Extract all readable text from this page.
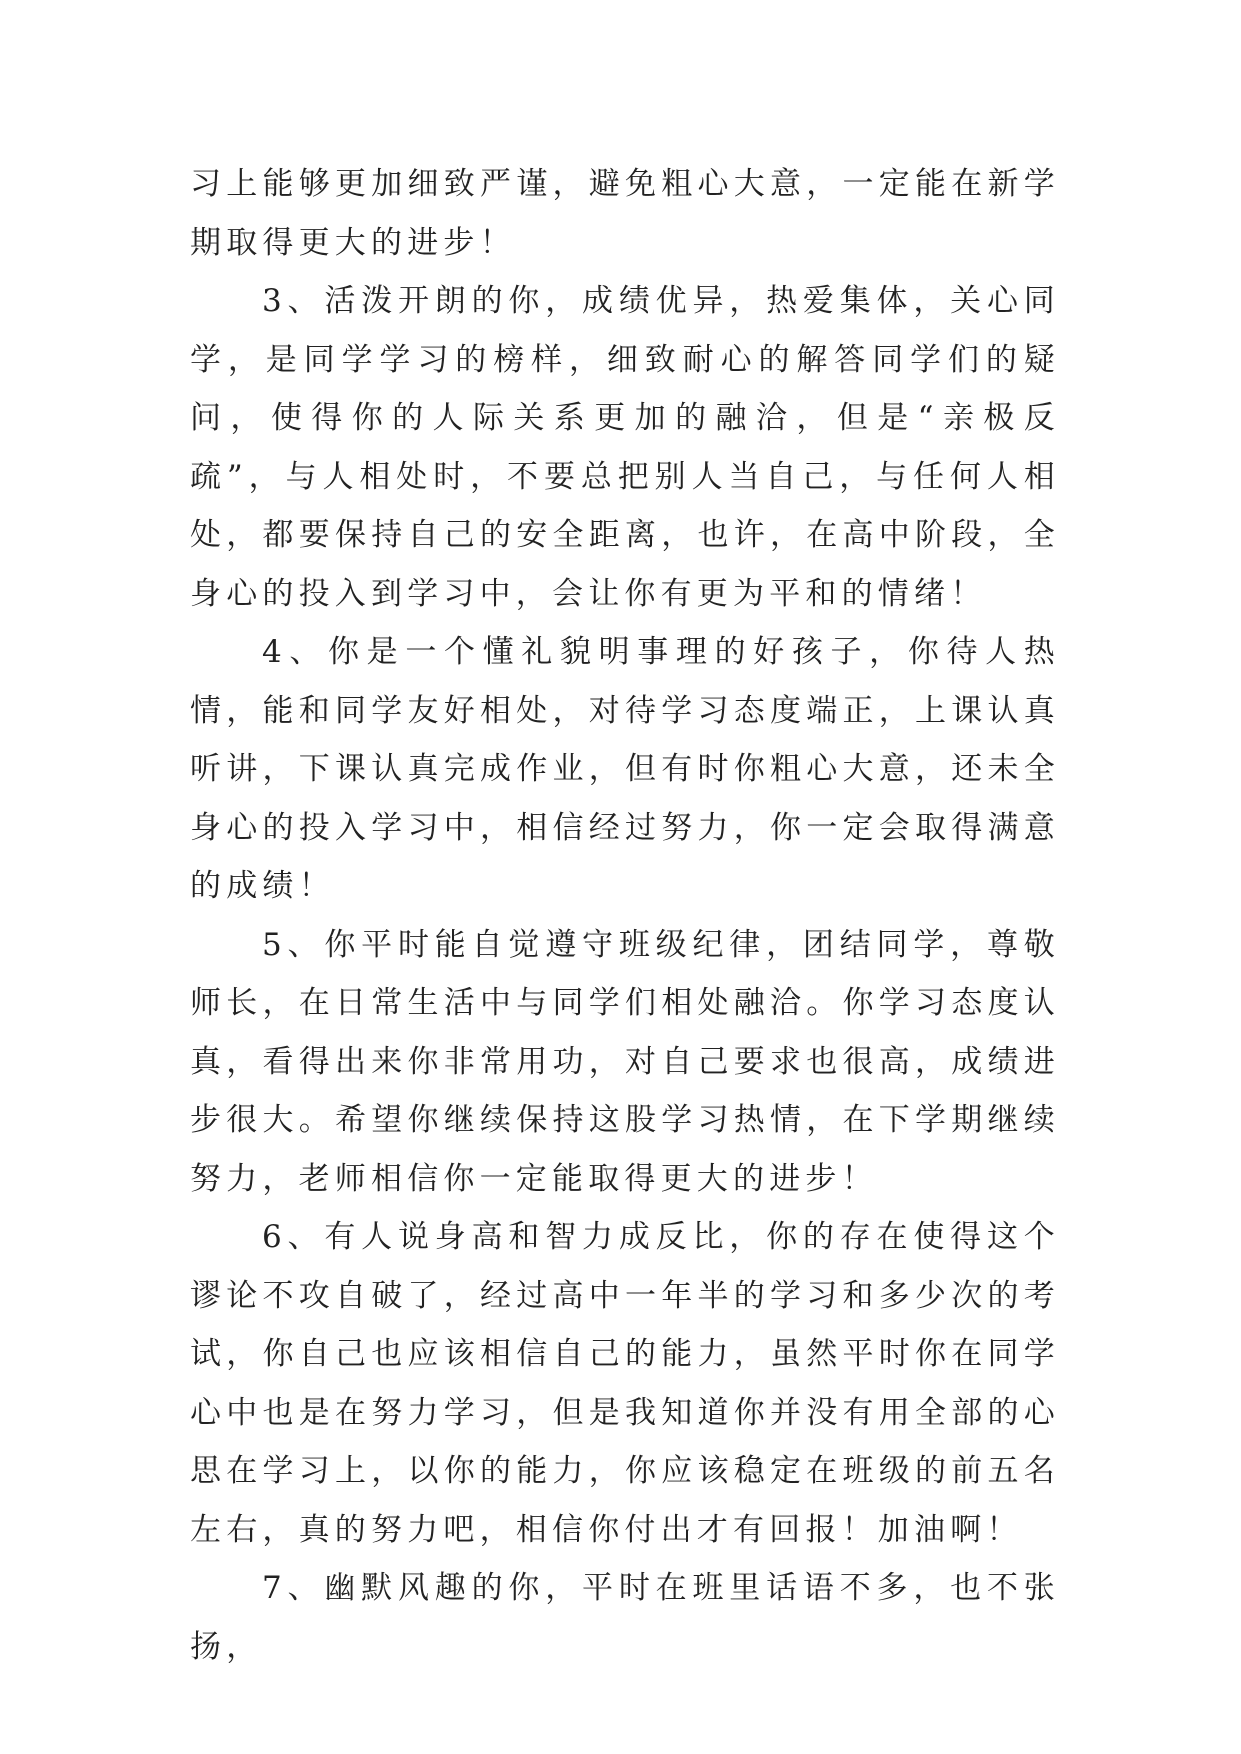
习上能够更加细致严谨，避免粗心大意，一定能在新学期取得更大的进步！

3、活泼开朗的你，成绩优异，热爱集体，关心同学，是同学学习的榜样，细致耐心的解答同学们的疑问，使得你的人际关系更加的融洽，但是“亲极反疏”，与人相处时，不要总把别人当自己，与任何人相处，都要保持自己的安全距离，也许，在高中阶段，全身心的投入到学习中，会让你有更为平和的情绪！

4、你是一个懂礼貌明事理的好孩子，你待人热情，能和同学友好相处，对待学习态度端正，上课认真听讲，下课认真完成作业，但有时你粗心大意，还未全身心的投入学习中，相信经过努力，你一定会取得满意的成绩！

5、你平时能自觉遵守班级纪律，团结同学，尊敬师长，在日常生活中与同学们相处融洽。你学习态度认真，看得出来你非常用功，对自己要求也很高，成绩进步很大。希望你继续保持这股学习热情，在下学期继续努力，老师相信你一定能取得更大的进步！

6、有人说身高和智力成反比，你的存在使得这个谬论不攻自破了，经过高中一年半的学习和多少次的考试，你自己也应该相信自己的能力，虽然平时你在同学心中也是在努力学习，但是我知道你并没有用全部的心思在学习上，以你的能力，你应该稳定在班级的前五名左右，真的努力吧，相信你付出才有回报！加油啊！

7、幽默风趣的你，平时在班里话语不多，也不张扬，
